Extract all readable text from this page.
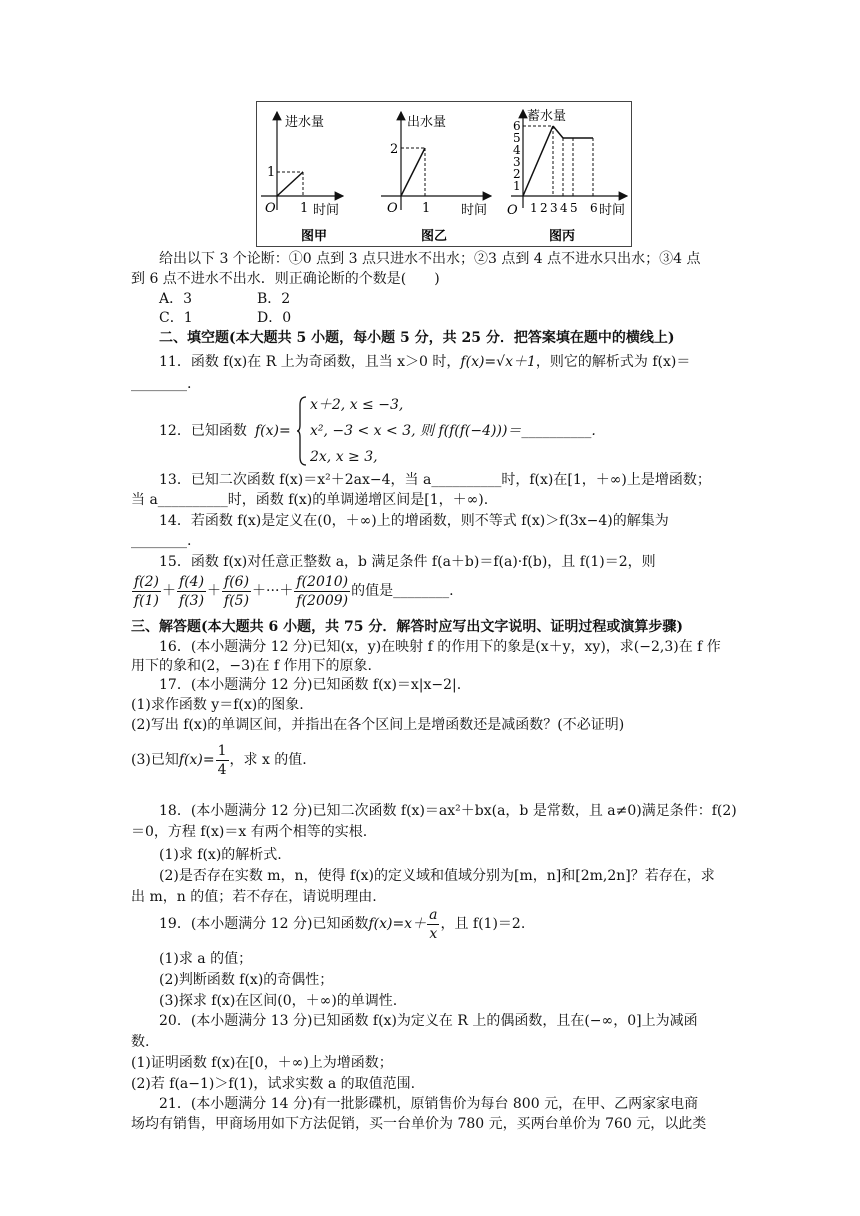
进水量
O 1
1
时间
图甲
出水量
O 1
2
时间
图乙
蓄水量
O
6
5
4
3
2
1
1 2 3 4 5 6 时间
图丙
给出以下 3 个论断：①0 点到 3 点只进水不出水；②3 点到 4 点不进水只出水；③4 点
到 6 点不进水不出水．则正确论断的个数是(　　)
A．3	B．2
C．1	D．0
二、填空题(本大题共 5 小题，每小题 5 分，共 25 分．把答案填在题中的横线上)
11．函数 f(x)在 R 上为奇函数，且当 x＞0 时，f(x)=√x＋1，则它的解析式为 f(x)＝
________.
12．已知函数 f(x)=
x＋2, x ≤ −3,
x², −3 < x < 3, 则 f(f(f(−4)))＝__________.
2x, x ≥ 3,
13．已知二次函数 f(x)＝x²＋2ax−4，当 a__________时，f(x)在[1，＋∞)上是增函数；
当 a__________时，函数 f(x)的单调递增区间是[1，＋∞).
14．若函数 f(x)是定义在(0，＋∞)上的增函数，则不等式 f(x)＞f(3x−4)的解集为
________.
15．函数 f(x)对任意正整数 a，b 满足条件 f(a＋b)＝f(a)·f(b)，且 f(1)＝2，则
$\frac{f(2)}{f(1)} + \frac{f(4)}{f(3)} + \frac{f(6)}{f(5)}$ ＋···＋ $\frac{f(2010)}{f(2009)}$ 的值是________.
三、解答题(本大题共 6 小题，共 75 分．解答时应写出文字说明、证明过程或演算步骤)
16．(本小题满分 12 分)已知(x，y)在映射 f 的作用下的象是(x＋y，xy)，求(−2,3)在 f 作
用下的象和(2，−3)在 f 作用下的原象.
17．(本小题满分 12 分)已知函数 f(x)＝x|x−2|.
(1)求作函数 y＝f(x)的图象.
(2)写出 f(x)的单调区间，并指出在各个区间上是增函数还是减函数？(不必证明)
(3)已知$f(x)= \frac{1}{4}$ ，求 x 的值.
18．(本小题满分 12 分)已知二次函数 f(x)＝ax²＋bx(a，b 是常数，且 a≠0)满足条件：f(2)
＝0，方程 f(x)＝x 有两个相等的实根.
(1)求 f(x)的解析式.
(2)是否存在实数 m，n，使得 f(x)的定义域和值域分别为[m，n]和[2m,2n]？若存在，求
出 m，n 的值；若不存在，请说明理由.
19．(本小题满分 12 分)已知函数$f(x)=x+ \frac{a}{x}$ ，且 f(1)＝2.
(1)求 a 的值；
(2)判断函数 f(x)的奇偶性；
(3)探求 f(x)在区间(0，＋∞)的单调性.
20．(本小题满分 13 分)已知函数 f(x)为定义在 R 上的偶函数，且在(−∞，0]上为减函
数.
(1)证明函数 f(x)在[0，＋∞)上为增函数；
(2)若 f(a−1)＞f(1)，试求实数 a 的取值范围.
21．(本小题满分 14 分)有一批影碟机，原销售价为每台 800 元，在甲、乙两家家电商
场均有销售，甲商场用如下方法促销，买一台单价为 780 元，买两台单价为 760 元，以此类
